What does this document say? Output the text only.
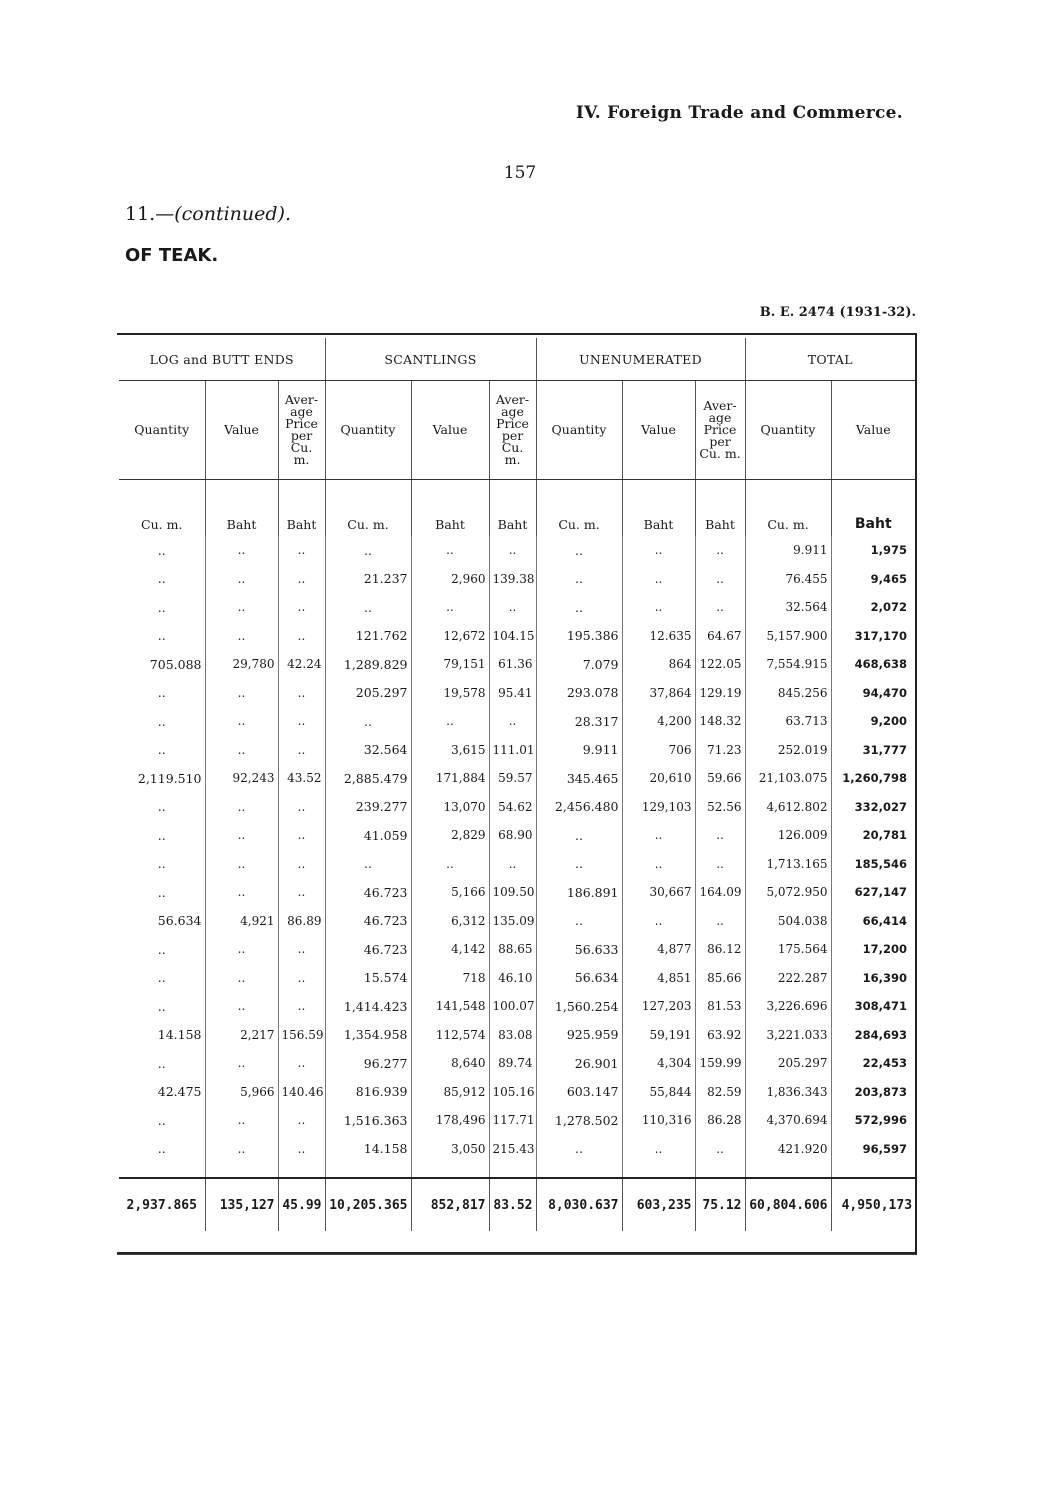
IV. Foreign Trade and Commerce.
157
11.—(continued).
OF TEAK.
B. E. 2474 (1931-32).
LOG and BUTT ENDS			SCANTLINGS			UNENUMERATED			TOTAL	
Quantity	Value	Aver-age Price per Cu. m.	Quantity	Value	Aver-age Price per Cu. m.	Quantity	Value	Aver-age Price per Cu. m.	Quantity	Value
Cu. m.	Baht	Baht	Cu. m.	Baht	Baht	Cu. m.	Baht	Baht	Cu. m.	Baht
..	..	..	..	..	..	..	..	..	9.911	1,975
..	..	..	21.237	2,960	139.38	..	..	..	76.455	9,465
..	..	..	..	..	..	..	..	..	32.564	2,072
..	..	..	121.762	12,672	104.15	195.386	12.635	64.67	5,157.900	317,170
705.088	29,780	42.24	1,289.829	79,151	61.36	7.079	864	122.05	7,554.915	468,638
..	..	..	205.297	19,578	95.41	293.078	37,864	129.19	845.256	94,470
..	..	..	..	..	..	28.317	4,200	148.32	63.713	9,200
..	..	..	32.564	3,615	111.01	9.911	706	71.23	252.019	31,777
2,119.510	92,243	43.52	2,885.479	171,884	59.57	345.465	20,610	59.66	21,103.075	1,260,798
..	..	..	239.277	13,070	54.62	2,456.480	129,103	52.56	4,612.802	332,027
..	..	..	41.059	2,829	68.90	..	..	..	126.009	20,781
..	..	..	..	..	..	..	..	..	1,713.165	185,546
..	..	..	46.723	5,166	109.50	186.891	30,667	164.09	5,072.950	627,147
56.634	4,921	86.89	46.723	6,312	135.09	..	..	..	504.038	66,414
..	..	..	46.723	4,142	88.65	56.633	4,877	86.12	175.564	17,200
..	..	..	15.574	718	46.10	56.634	4,851	85.66	222.287	16,390
..	..	..	1,414.423	141,548	100.07	1,560.254	127,203	81.53	3,226.696	308,471
14.158	2,217	156.59	1,354.958	112,574	83.08	925.959	59,191	63.92	3,221.033	284,693
..	..	..	96.277	8,640	89.74	26.901	4,304	159.99	205.297	22,453
42.475	5,966	140.46	816.939	85,912	105.16	603.147	55,844	82.59	1,836.343	203,873
..	..	..	1,516.363	178,496	117.71	1,278.502	110,316	86.28	4,370.694	572,996
..	..	..	14.158	3,050	215.43	..	..	..	421.920	96,597

2,937.865	135,127	45.99	10,205.365	852,817	83.52	8,030.637	603,235	75.12	60,804.606	4,950,173
